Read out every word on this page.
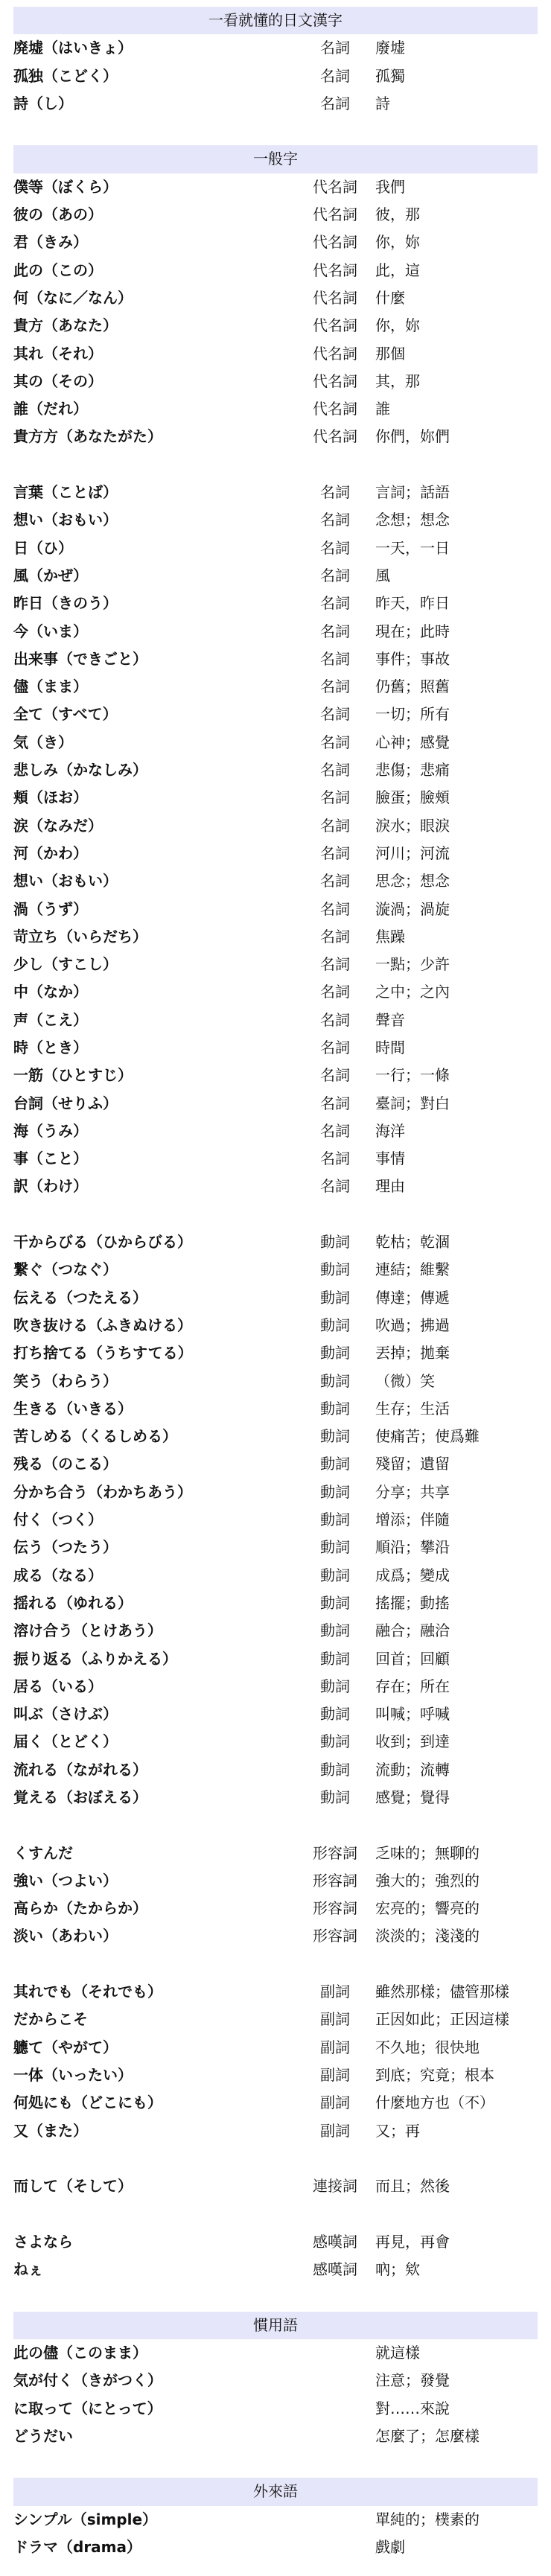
一看就懂的日文漢字
廃墟（はいきょ）	名詞	廢墟
孤独（こどく）	名詞	孤獨
詩（し）	名詞	詩
一般字
僕等（ぼくら）	代名詞	我們
彼の（あの）	代名詞	彼，那
君（きみ）	代名詞	你，妳
此の（この）	代名詞	此，這
何（なに／なん）	代名詞	什麼
貴方（あなた）	代名詞	你，妳
其れ（それ）	代名詞	那個
其の（その）	代名詞	其，那
誰（だれ）	代名詞	誰
貴方方（あなたがた）	代名詞	你們，妳們
言葉（ことば）	名詞	言詞；話語
想い（おもい）	名詞	念想；想念
日（ひ）	名詞	一天，一日
風（かぜ）	名詞	風
昨日（きのう）	名詞	昨天，昨日
今（いま）	名詞	現在；此時
出来事（できごと）	名詞	事件；事故
儘（まま）	名詞	仍舊；照舊
全て（すべて）	名詞	一切；所有
気（き）	名詞	心神；感覺
悲しみ（かなしみ）	名詞	悲傷；悲痛
頬（ほお）	名詞	臉蛋；臉頰
涙（なみだ）	名詞	淚水；眼淚
河（かわ）	名詞	河川；河流
想い（おもい）	名詞	思念；想念
渦（うず）	名詞	漩渦；渦旋
苛立ち（いらだち）	名詞	焦躁
少し（すこし）	名詞	一點；少許
中（なか）	名詞	之中；之內
声（こえ）	名詞	聲音
時（とき）	名詞	時間
一筋（ひとすじ）	名詞	一行；一條
台詞（せりふ）	名詞	臺詞；對白
海（うみ）	名詞	海洋
事（こと）	名詞	事情
訳（わけ）	名詞	理由
干からびる（ひからびる）	動詞	乾枯；乾涸
繋ぐ（つなぐ）	動詞	連結；維繫
伝える（つたえる）	動詞	傳達；傳遞
吹き抜ける（ふきぬける）	動詞	吹過；拂過
打ち捨てる（うちすてる）	動詞	丟掉；拋棄
笑う（わらう）	動詞	（微）笑
生きる（いきる）	動詞	生存；生活
苦しめる（くるしめる）	動詞	使痛苦；使爲難
残る（のこる）	動詞	殘留；遺留
分かち合う（わかちあう）	動詞	分享；共享
付く（つく）	動詞	增添；伴隨
伝う（つたう）	動詞	順沿；攀沿
成る（なる）	動詞	成爲；變成
揺れる（ゆれる）	動詞	搖擺；動搖
溶け合う（とけあう）	動詞	融合；融洽
振り返る（ふりかえる）	動詞	回首；回顧
居る（いる）	動詞	存在；所在
叫ぶ（さけぶ）	動詞	叫喊；呼喊
届く（とどく）	動詞	收到；到達
流れる（ながれる）	動詞	流動；流轉
覚える（おぼえる）	動詞	感覺；覺得
くすんだ	形容詞	乏味的；無聊的
強い（つよい）	形容詞	強大的；強烈的
高らか（たからか）	形容詞	宏亮的；響亮的
淡い（あわい）	形容詞	淡淡的；淺淺的
其れでも（それでも）	副詞	雖然那樣；儘管那樣
だからこそ	副詞	正因如此；正因這樣
軈て（やがて）	副詞	不久地；很快地
一体（いったい）	副詞	到底；究竟；根本
何処にも（どこにも）	副詞	什麼地方也（不）
又（また）	副詞	又；再
而して（そして）	連接詞	而且；然後
さよなら	感嘆詞	再見，再會
ねぇ	感嘆詞	吶；欸
慣用語
此の儘（このまま）	就這樣
気が付く（きがつく）	注意；發覺
に取って（にとって）	對……來說
どうだい	怎麼了；怎麼樣
外來語
シンプル（simple）	單純的；樸素的
ドラマ（drama）	戲劇
